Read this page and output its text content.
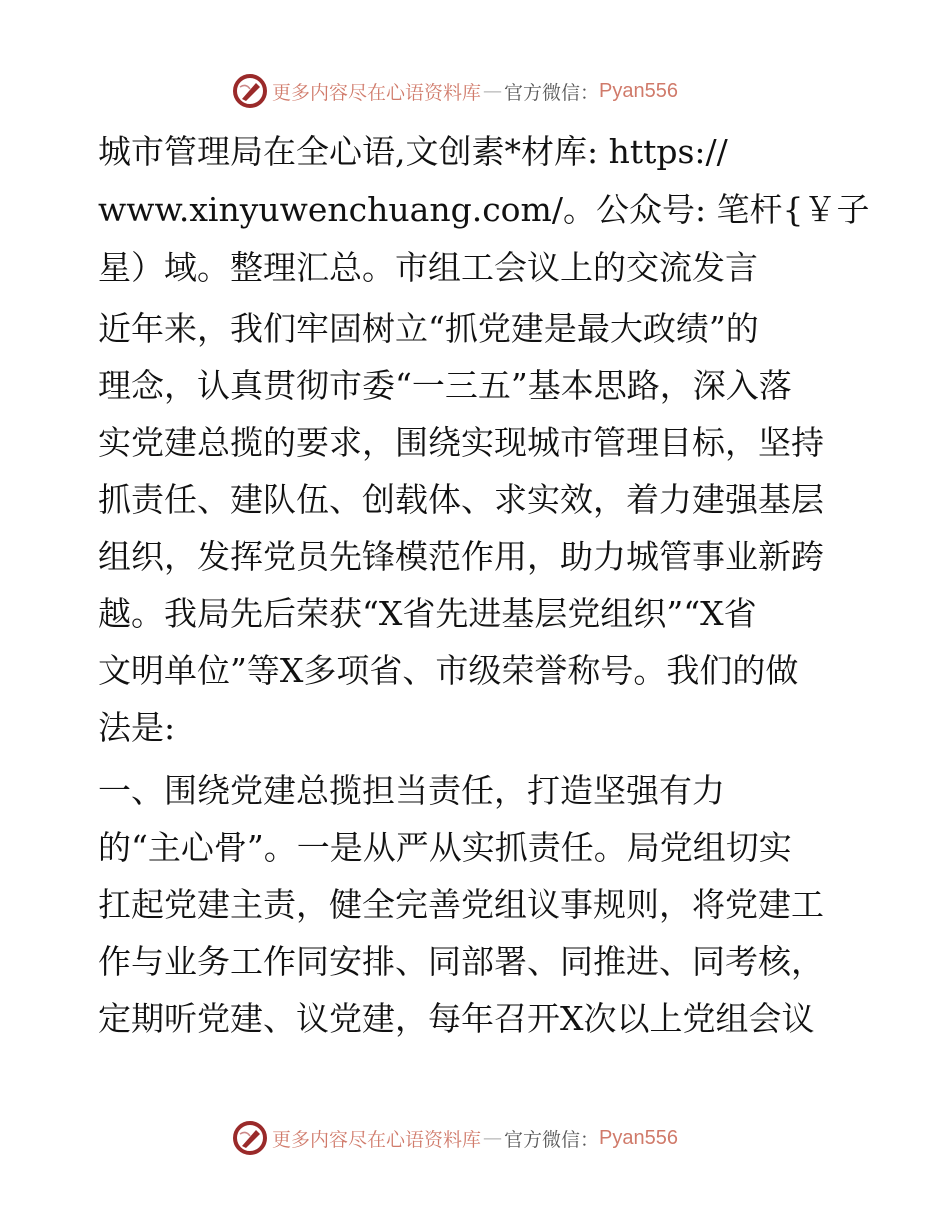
更多内容尽在心语资料库 — 官方微信： Pyan556
城市管理局在全心语,文创素*材库: https://
www.xinyuwenchuang.com/。公众号: 笔杆{￥子
星）域。整理汇总。市组工会议上的交流发言
近年来，我们牢固树立“抓党建是最大政绩”的
理念，认真贯彻市委“一三五”基本思路，深入落
实党建总揽的要求，围绕实现城市管理目标，坚持
抓责任、建队伍、创载体、求实效，着力建强基层
组织，发挥党员先锋模范作用，助力城管事业新跨
越。我局先后荣获“X省先进基层党组织”“X省
文明单位”等X多项省、市级荣誉称号。我们的做
法是:
一、围绕党建总揽担当责任，打造坚强有力
的“主心骨”。一是从严从实抓责任。局党组切实
扛起党建主责，健全完善党组议事规则，将党建工
作与业务工作同安排、同部署、同推进、同考核，
定期听党建、议党建，每年召开X次以上党组会议
更多内容尽在心语资料库 — 官方微信： Pyan556
